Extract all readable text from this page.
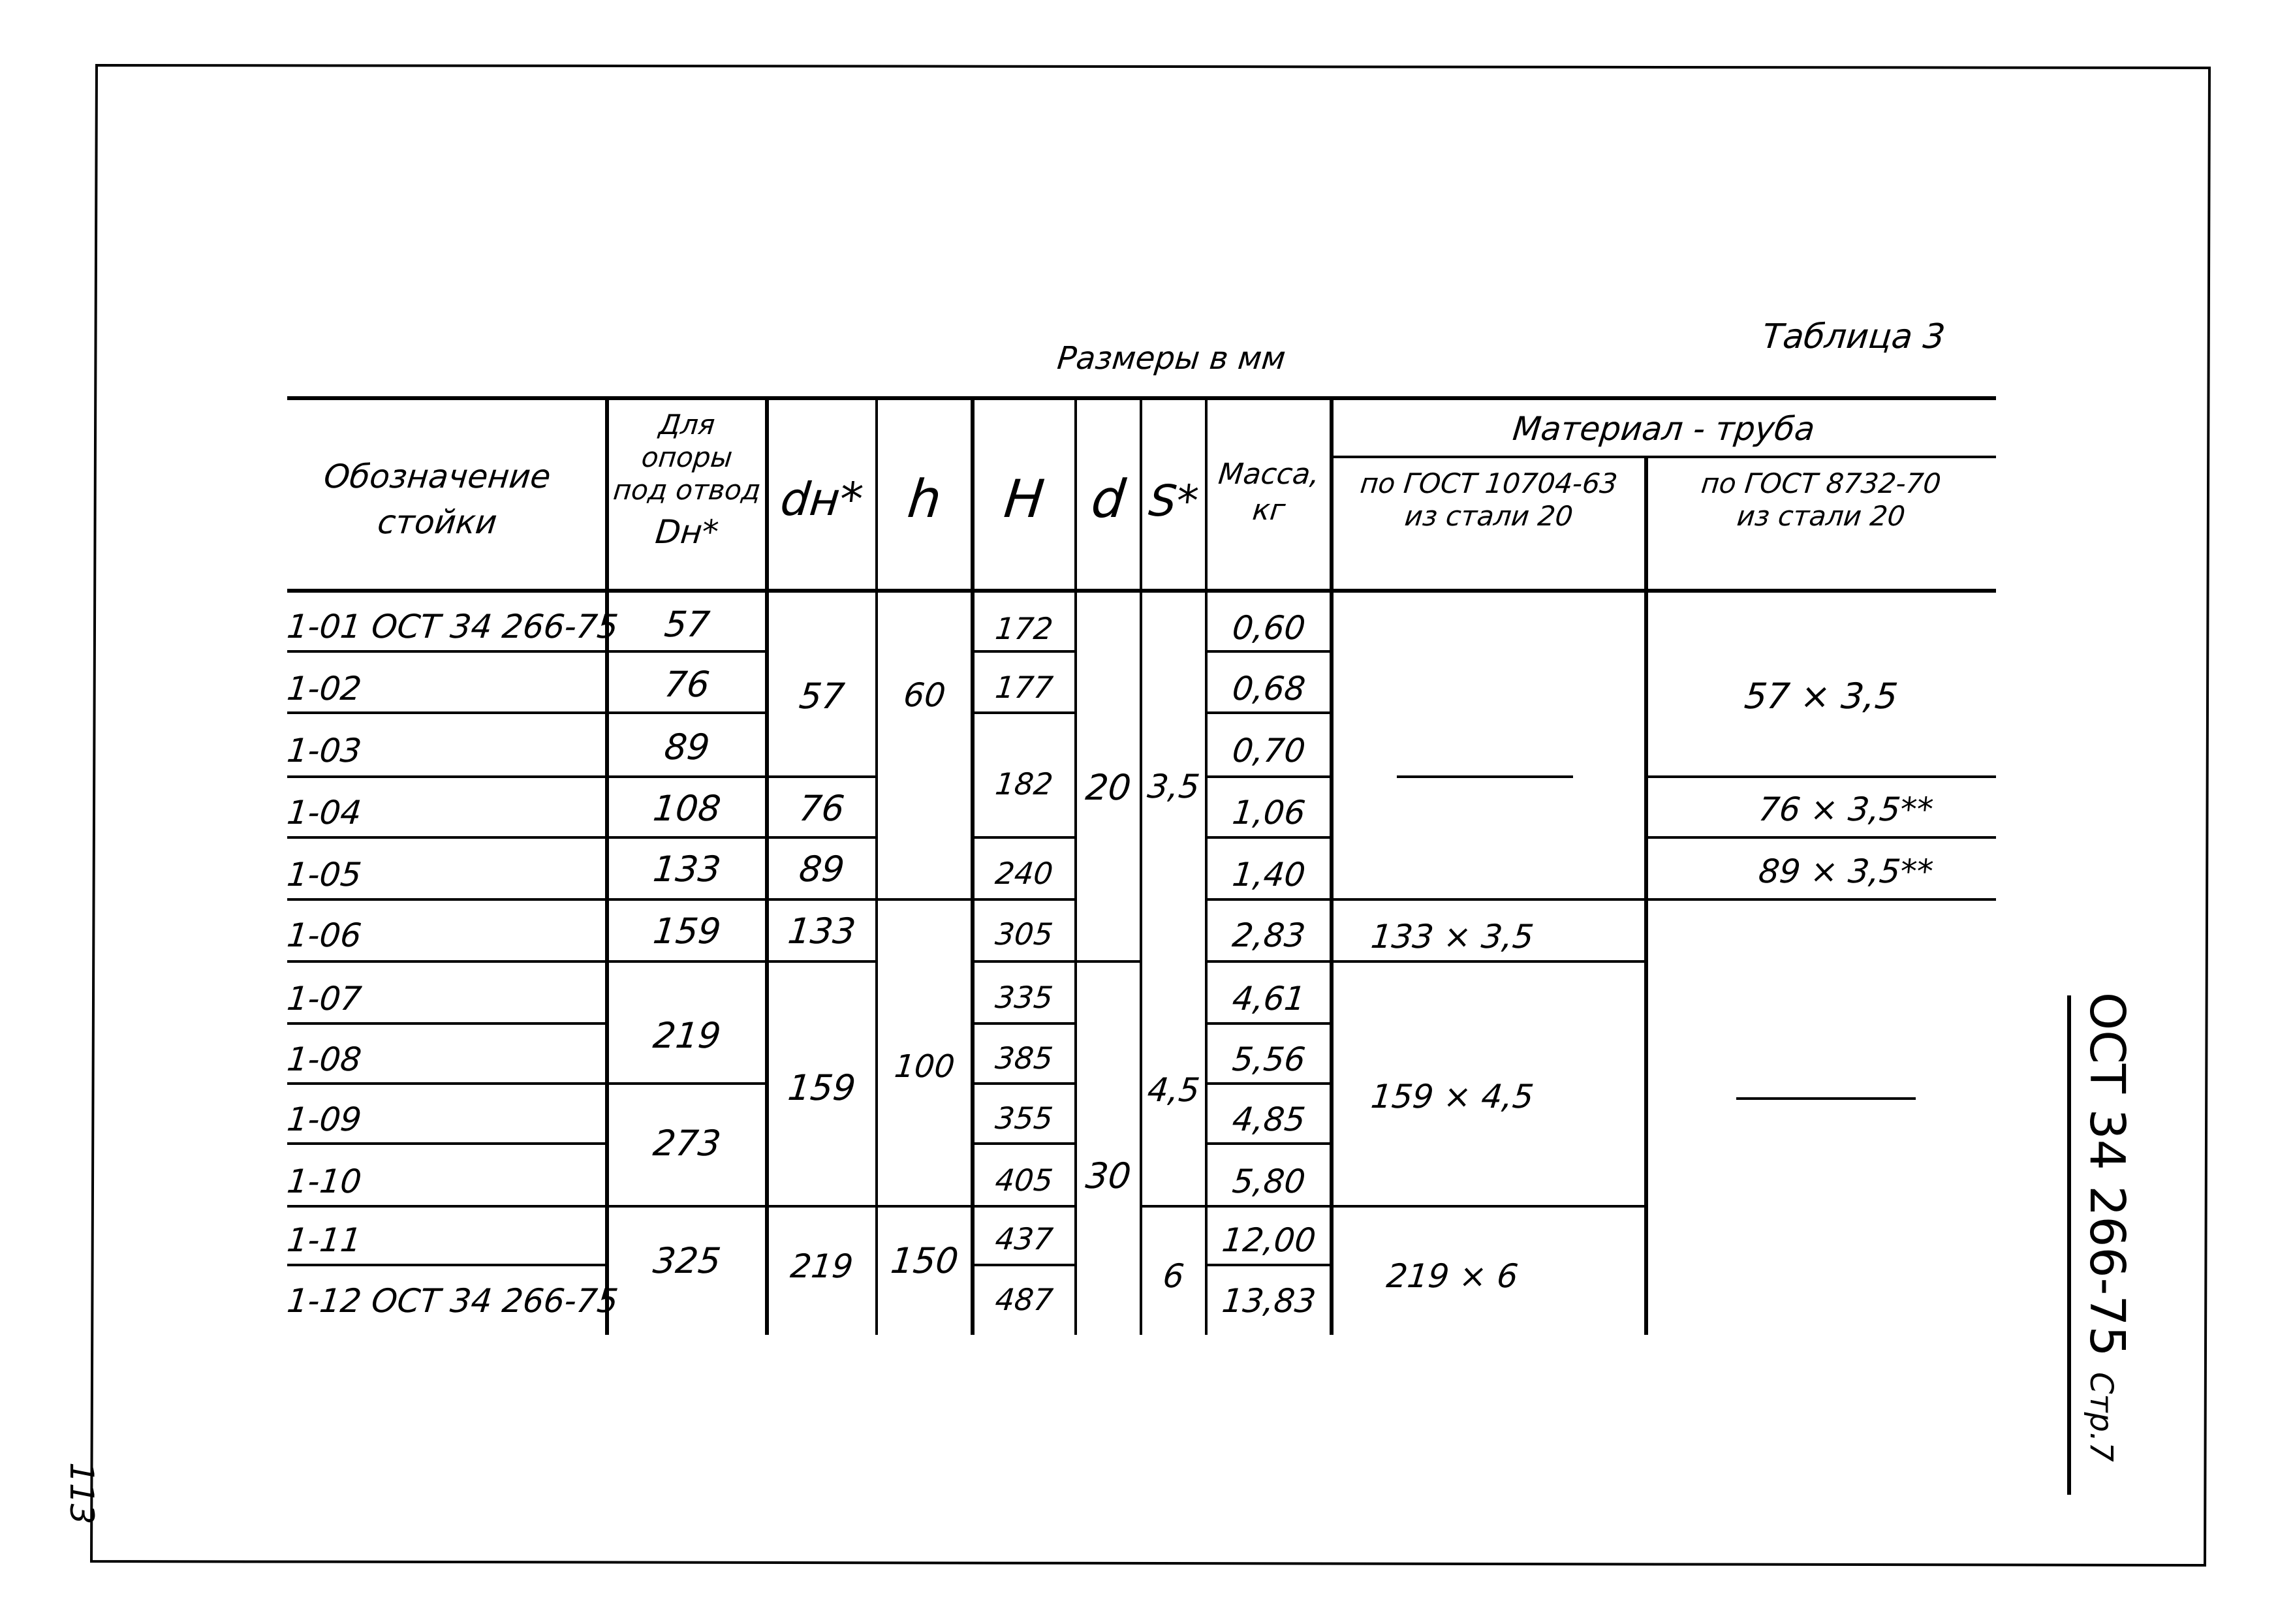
Таблица 3
Размеры в мм
Обозначение
стойки
Для
опоры
под отвод
Dн*
dн* h	H d S*
Масса,
кг
Материал - труба
по ГОСТ 10704-63
из стали 20
по ГОСТ 8732-70
из стали 20
1-01 ОСТ 34 266-75
1-02
1-03
1-04
1-05
1-06
1-07
1-08
1-09
1-10
1-11
1-12 ОСТ 34 266-75
57
76
89
108
133
159
219
273
325
57
76
89
133
159
219
60
100
150
172
177
182
240
305
335
385
355
405
437
487
20
30
3,5
4,5
6
0,60
0,68
0,70
1,06
1,40
2,83
4,61
5,56
4,85
5,80
12,00
13,83
133 × 3,5
159 × 4,5
219 × 6
57 × 3,5
76 × 3,5**
89 × 3,5**
ОСТ 34 266-75 Стр.7
113
